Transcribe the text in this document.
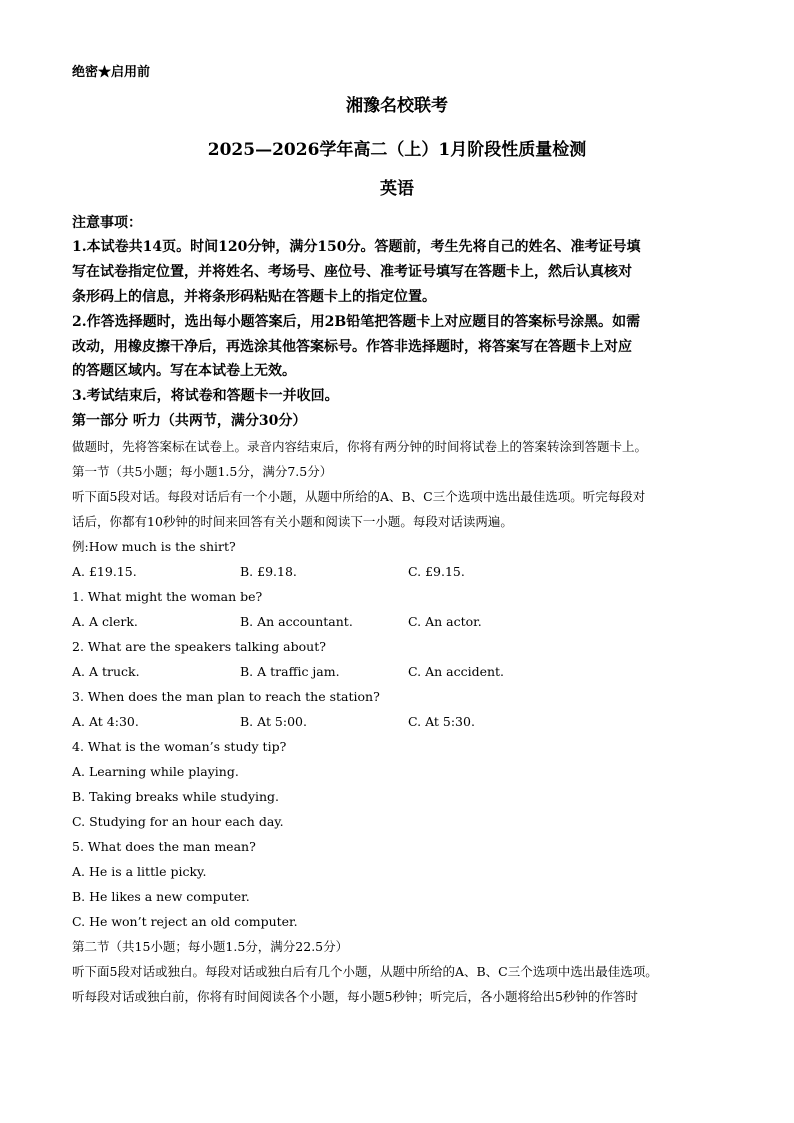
绝密★启用前
湘豫名校联考
2025—2026学年高二（上）1月阶段性质量检测
英语
注意事项：
1.本试卷共14页。时间120分钟，满分150分。答题前，考生先将自己的姓名、准考证号填
写在试卷指定位置，并将姓名、考场号、座位号、准考证号填写在答题卡上，然后认真核对
条形码上的信息，并将条形码粘贴在答题卡上的指定位置。
2.作答选择题时，选出每小题答案后，用2B铅笔把答题卡上对应题目的答案标号涂黑。如需
改动，用橡皮擦干净后，再选涂其他答案标号。作答非选择题时，将答案写在答题卡上对应
的答题区域内。写在本试卷上无效。
3.考试结束后，将试卷和答题卡一并收回。
第一部分 听力（共两节，满分30分）
做题时，先将答案标在试卷上。录音内容结束后，你将有两分钟的时间将试卷上的答案转涂到答题卡上。
第一节（共5小题；每小题1.5分，满分7.5分）
听下面5段对话。每段对话后有一个小题，从题中所给的A、B、C三个选项中选出最佳选项。听完每段对
话后，你都有10秒钟的时间来回答有关小题和阅读下一小题。每段对话读两遍。
例:How much is the shirt?
A. £19.15.	B. £9.18.	C. £9.15.
1. What might the woman be?
A. A clerk.	B. An accountant.	C. An actor.
2. What are the speakers talking about?
A. A truck.	B. A traffic jam.	C. An accident.
3. When does the man plan to reach the station?
A. At 4:30.	B. At 5:00.	C. At 5:30.
4. What is the woman’s study tip?
A. Learning while playing.
B. Taking breaks while studying.
C. Studying for an hour each day.
5. What does the man mean?
A. He is a little picky.
B. He likes a new computer.
C. He won’t reject an old computer.
第二节（共15小题；每小题1.5分，满分22.5分）
听下面5段对话或独白。每段对话或独白后有几个小题，从题中所给的A、B、C三个选项中选出最佳选项。
听每段对话或独白前，你将有时间阅读各个小题，每小题5秒钟；听完后，各小题将给出5秒钟的作答时
